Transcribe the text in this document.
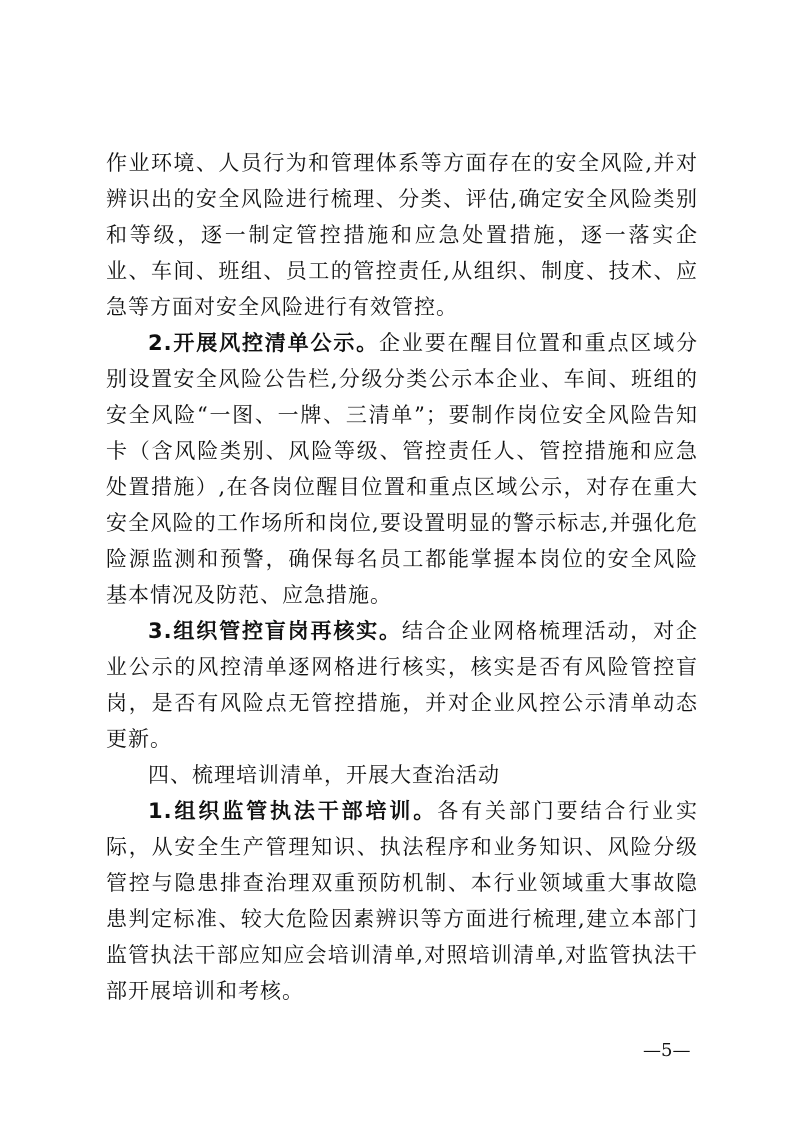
作业环境、人员行为和管理体系等方面存在的安全风险,并对辨识出的安全风险进行梳理、分类、评估,确定安全风险类别和等级，逐一制定管控措施和应急处置措施，逐一落实企业、车间、班组、员工的管控责任,从组织、制度、技术、应急等方面对安全风险进行有效管控。

2.开展风控清单公示。企业要在醒目位置和重点区域分别设置安全风险公告栏,分级分类公示本企业、车间、班组的安全风险“一图、一牌、三清单”；要制作岗位安全风险告知卡（含风险类别、风险等级、管控责任人、管控措施和应急处置措施）,在各岗位醒目位置和重点区域公示，对存在重大安全风险的工作场所和岗位,要设置明显的警示标志,并强化危险源监测和预警，确保每名员工都能掌握本岗位的安全风险基本情况及防范、应急措施。

3.组织管控盲岗再核实。结合企业网格梳理活动，对企业公示的风控清单逐网格进行核实，核实是否有风险管控盲岗，是否有风险点无管控措施，并对企业风控公示清单动态更新。

四、梳理培训清单，开展大查治活动

1.组织监管执法干部培训。各有关部门要结合行业实际，从安全生产管理知识、执法程序和业务知识、风险分级管控与隐患排查治理双重预防机制、本行业领域重大事故隐患判定标准、较大危险因素辨识等方面进行梳理,建立本部门监管执法干部应知应会培训清单,对照培训清单,对监管执法干部开展培训和考核。

—5—
